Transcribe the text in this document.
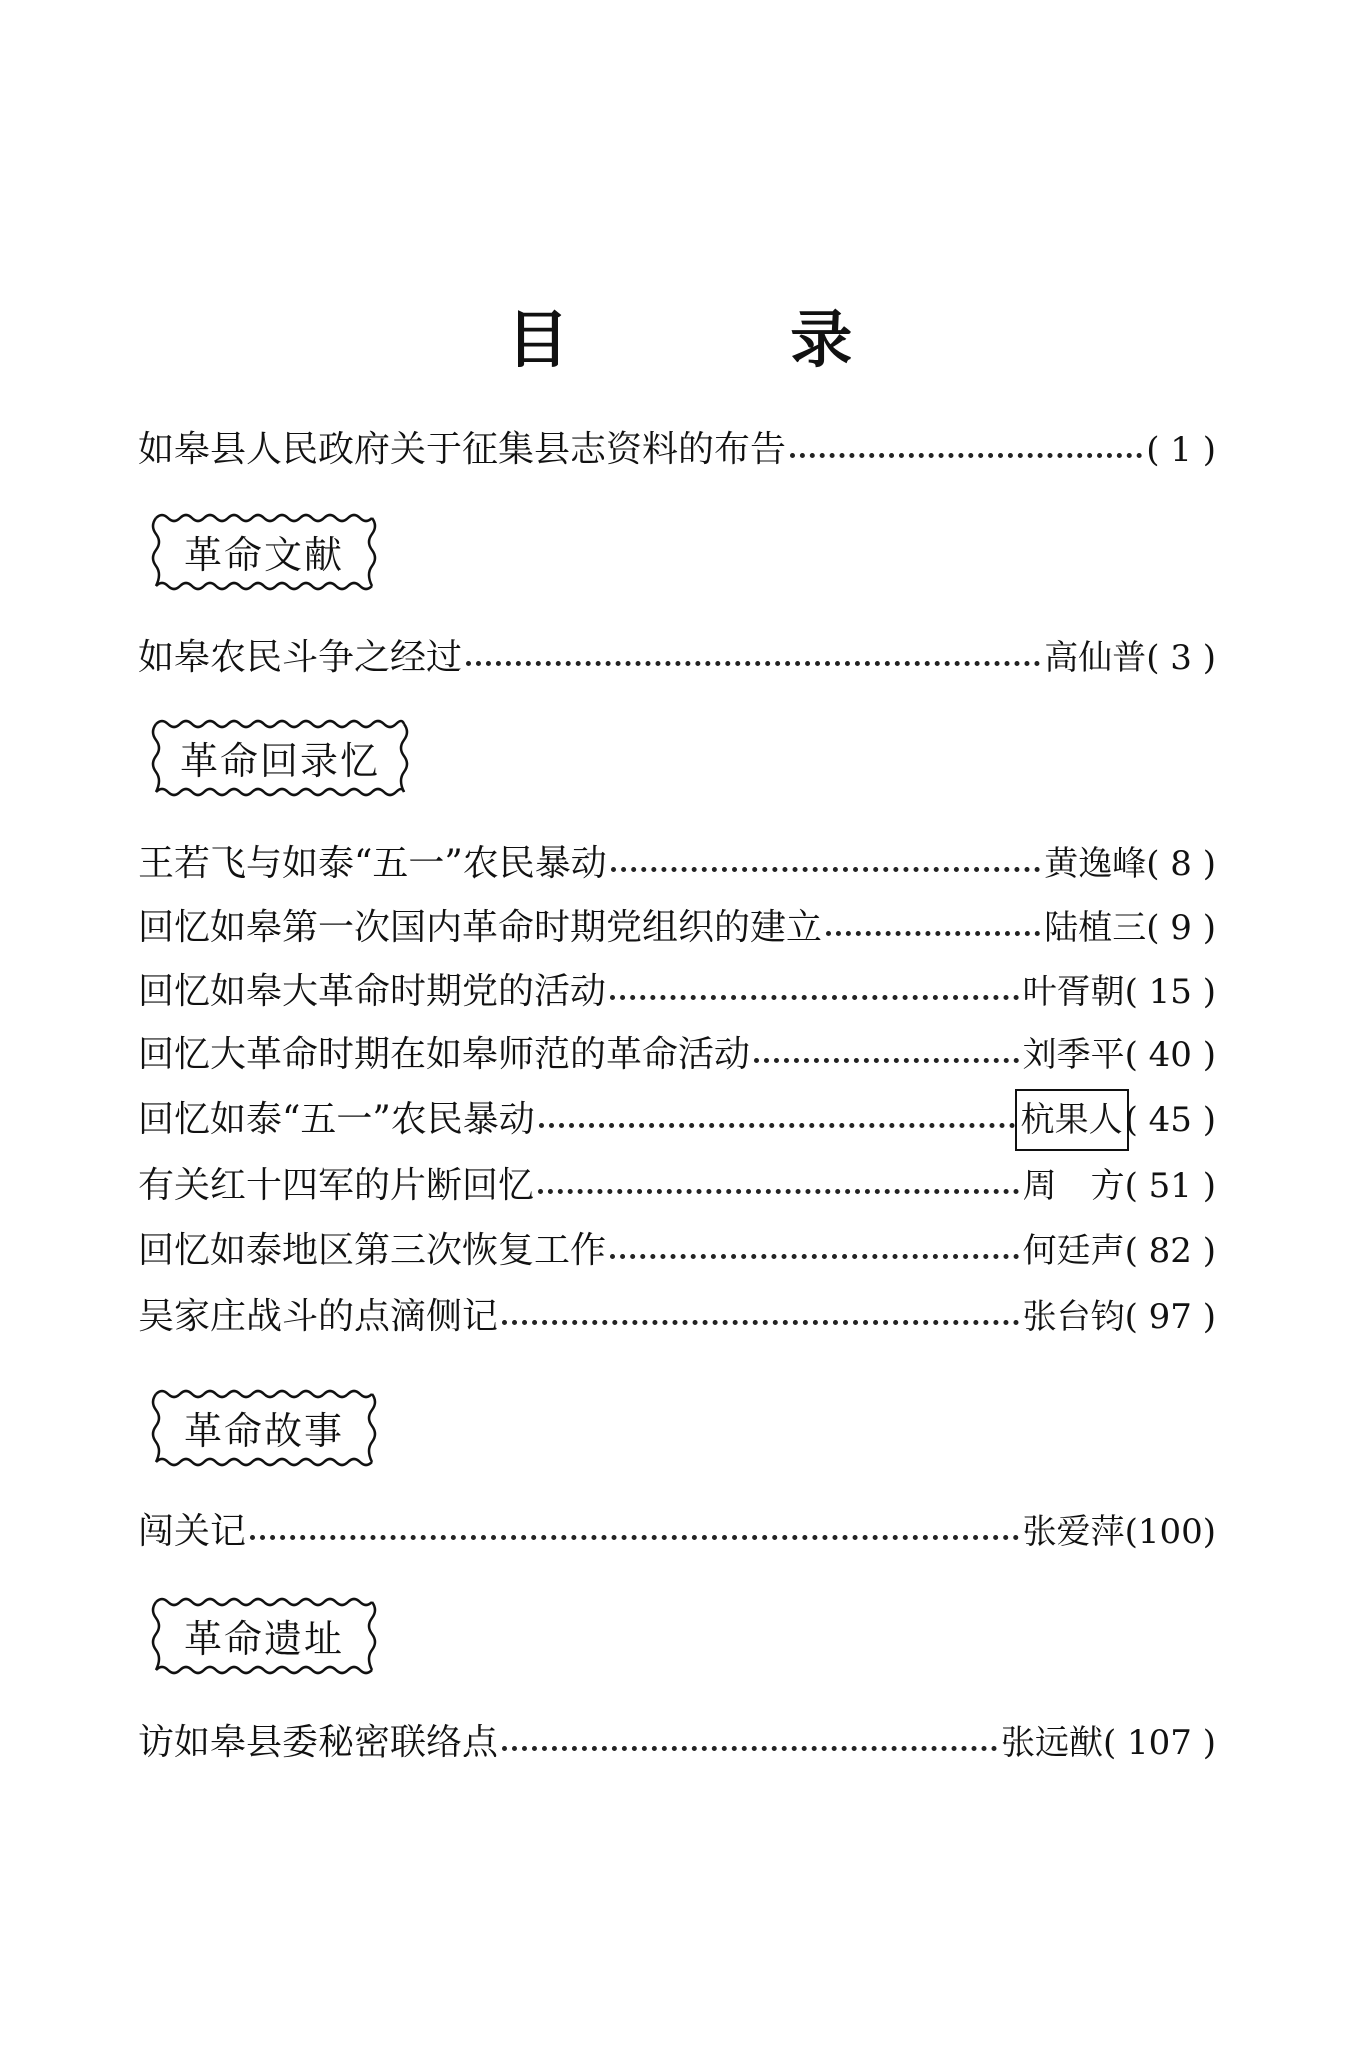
目 录
如皋县人民政府关于征集县志资料的布告	( 1 )
革命文献
如皋农民斗争之经过	高仙普 ( 3 )
革命回录忆
王若飞与如泰“五一”农民暴动	黄逸峰 ( 8 )
回忆如皋第一次国内革命时期党组织的建立	陆植三 ( 9 )
回忆如皋大革命时期党的活动	叶胥朝 ( 15 )
回忆大革命时期在如皋师范的革命活动	刘季平 ( 40 )
回忆如泰“五一”农民暴动	杭果人 ( 45 )
有关红十四军的片断回忆	周　方 ( 51 )
回忆如泰地区第三次恢复工作	何廷声 ( 82 )
吴家庄战斗的点滴侧记	张台钧 ( 97 )
革命故事
闯关记	张爱萍 (100)
革命遗址
访如皋县委秘密联络点	张远猷 ( 107 )
